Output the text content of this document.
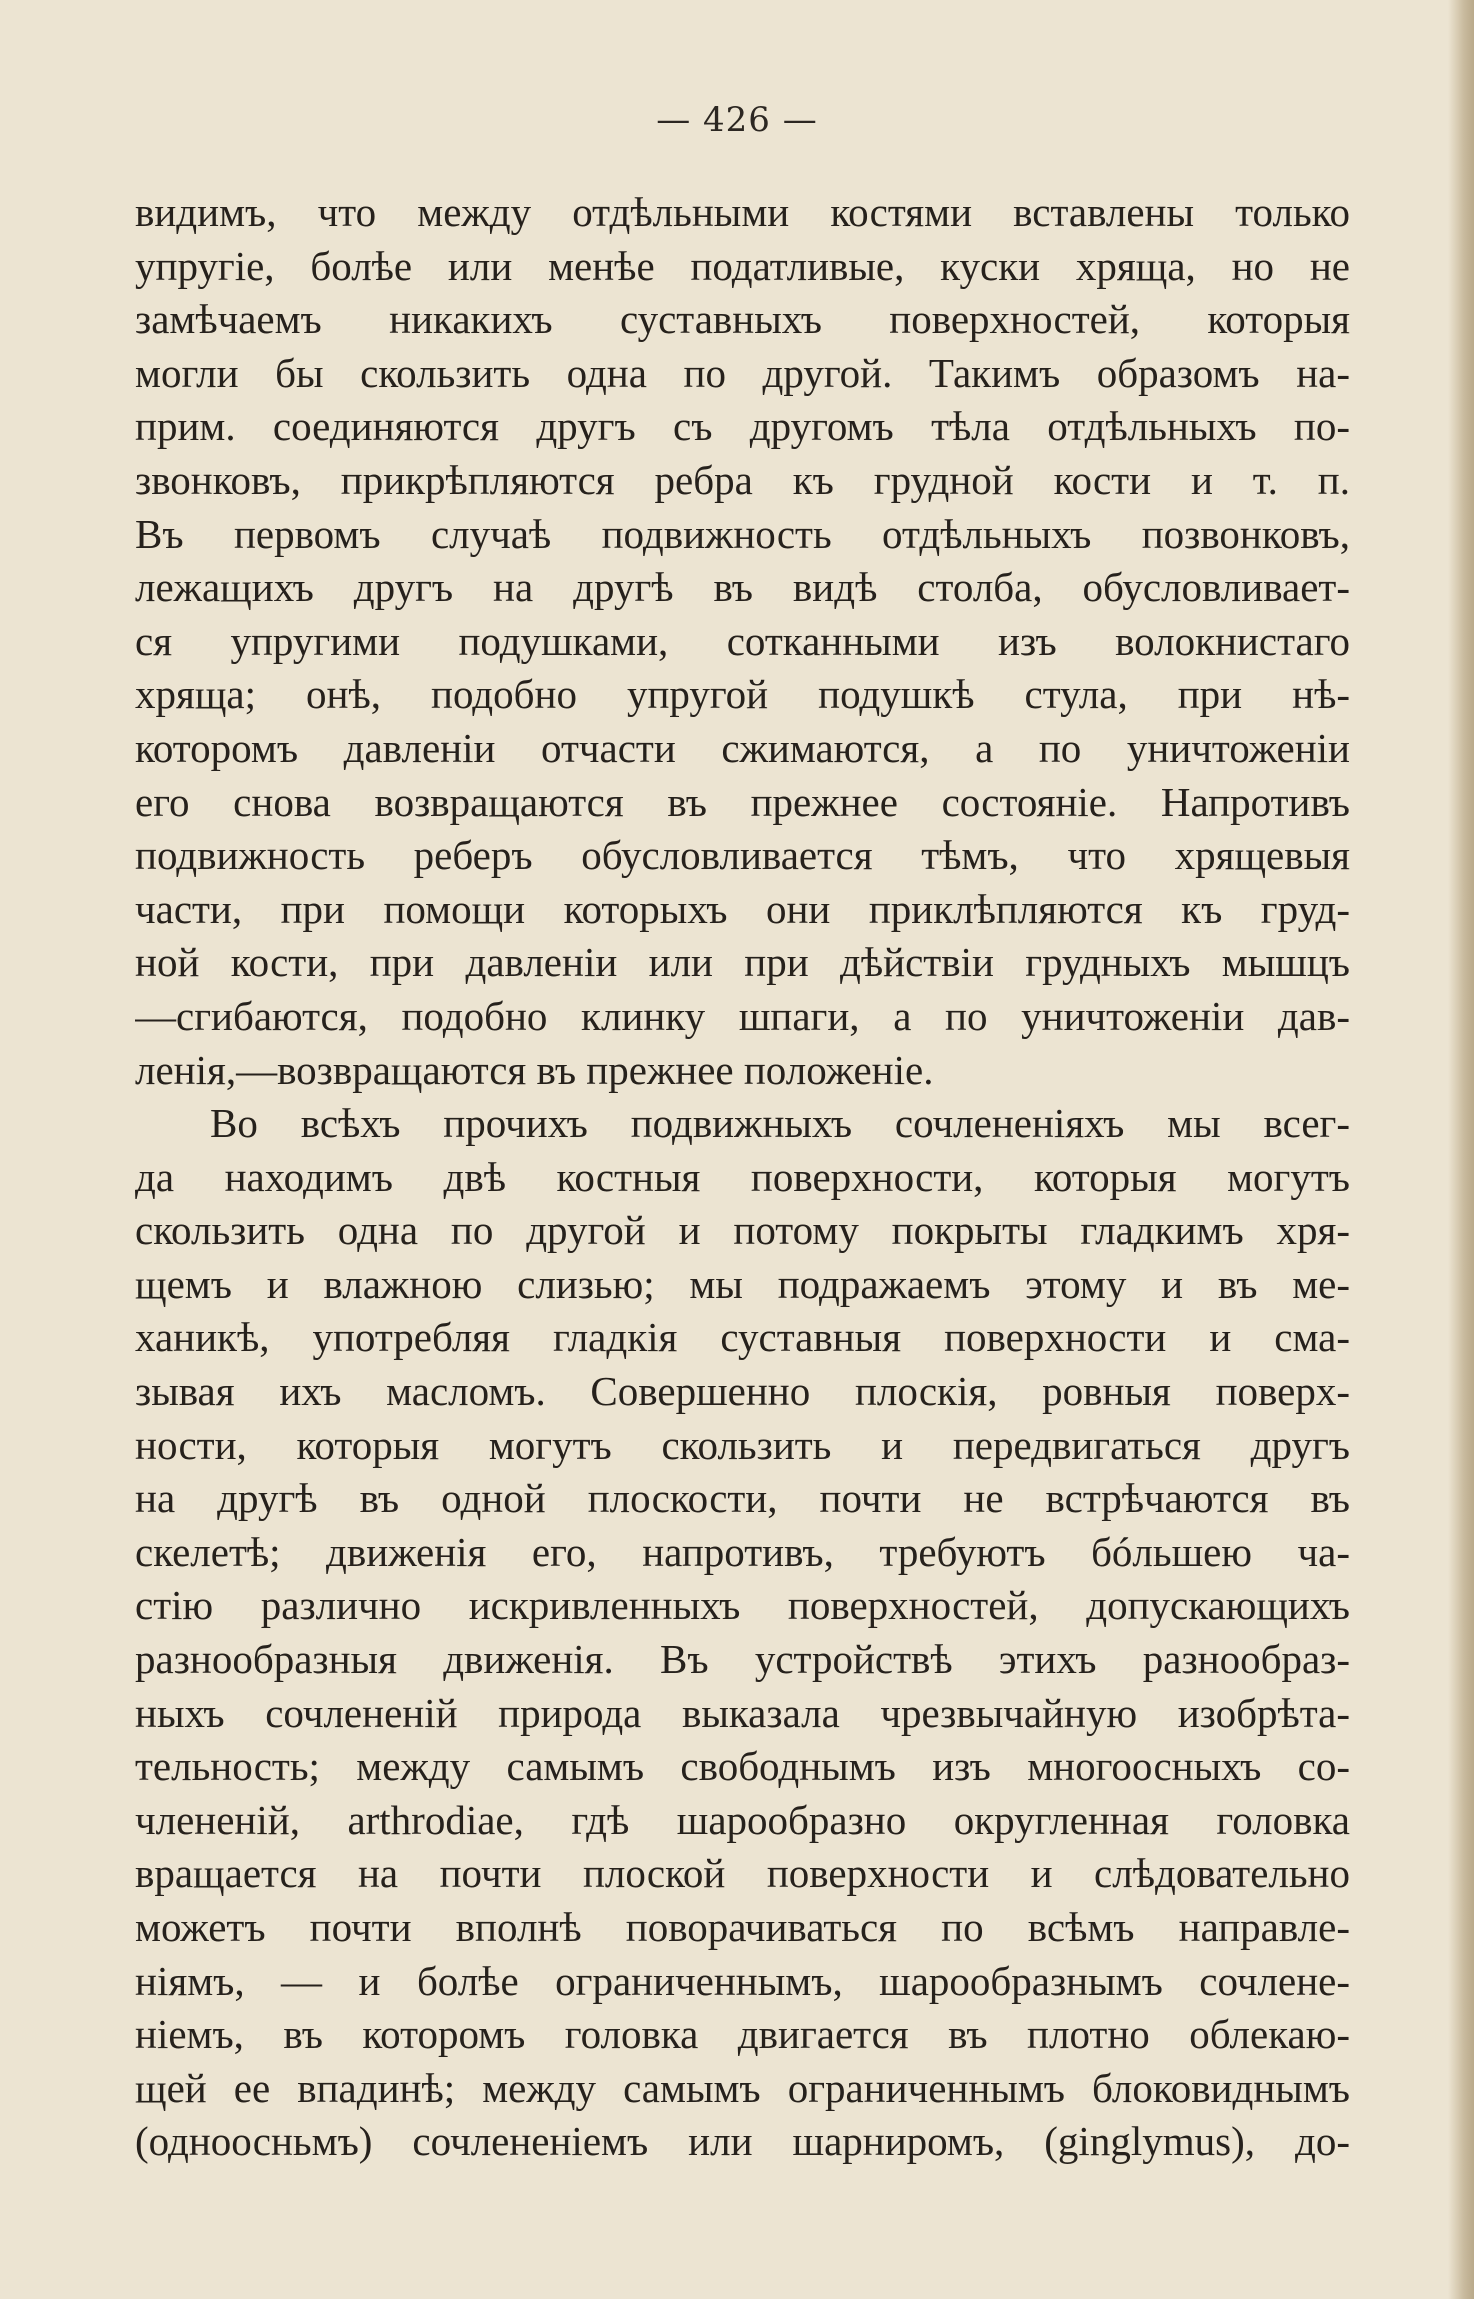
— 426 —
видимъ, что между отдѣльными костями вставлены только
упругіе, болѣе или менѣе податливые, куски хряща, но не
замѣчаемъ никакихъ суставныхъ поверхностей, которыя
могли бы скользить одна по другой. Такимъ образомъ на-
прим. соединяются другъ съ другомъ тѣла отдѣльныхъ по-
звонковъ, прикрѣпляются ребра къ грудной кости и т. п.
Въ первомъ случаѣ подвижность отдѣльныхъ позвонковъ,
лежащихъ другъ на другѣ въ видѣ столба, обусловливает-
ся упругими подушками, сотканными изъ волокнистаго
хряща; онѣ, подобно упругой подушкѣ стула, при нѣ-
которомъ давленіи отчасти сжимаются, а по уничтоженіи
его снова возвращаются въ прежнее состояніе. Напротивъ
подвижность реберъ обусловливается тѣмъ, что хрящевыя
части, при помощи которыхъ они приклѣпляются къ груд-
ной кости, при давленіи или при дѣйствіи грудныхъ мышцъ
—сгибаются, подобно клинку шпаги, а по уничтоженіи дав-
ленія,—возвращаются въ прежнее положеніе.
Во всѣхъ прочихъ подвижныхъ сочлененіяхъ мы всег-
да находимъ двѣ костныя поверхности, которыя могутъ
скользить одна по другой и потому покрыты гладкимъ хря-
щемъ и влажною слизью; мы подражаемъ этому и въ ме-
ханикѣ, употребляя гладкія суставныя поверхности и сма-
зывая ихъ масломъ. Совершенно плоскія, ровныя поверх-
ности, которыя могутъ скользить и передвигаться другъ
на другѣ въ одной плоскости, почти не встрѣчаются въ
скелетѣ; движенія его, напротивъ, требуютъ бóльшею ча-
стію различно искривленныхъ поверхностей, допускающихъ
разнообразныя движенія. Въ устройствѣ этихъ разнообраз-
ныхъ сочлененій природа выказала чрезвычайную изобрѣта-
тельность; между самымъ свободнымъ изъ многоосныхъ со-
члененій, arthrodiae, гдѣ шарообразно округленная головка
вращается на почти плоской поверхности и слѣдовательно
можетъ почти вполнѣ поворачиваться по всѣмъ направле-
ніямъ, — и болѣе ограниченнымъ, шарообразнымъ сочлене-
ніемъ, въ которомъ головка двигается въ плотно облекаю-
щей ее впадинѣ; между самымъ ограниченнымъ блоковиднымъ
(одноосньмъ) сочлененіемъ или шарниромъ, (ginglymus), до-
